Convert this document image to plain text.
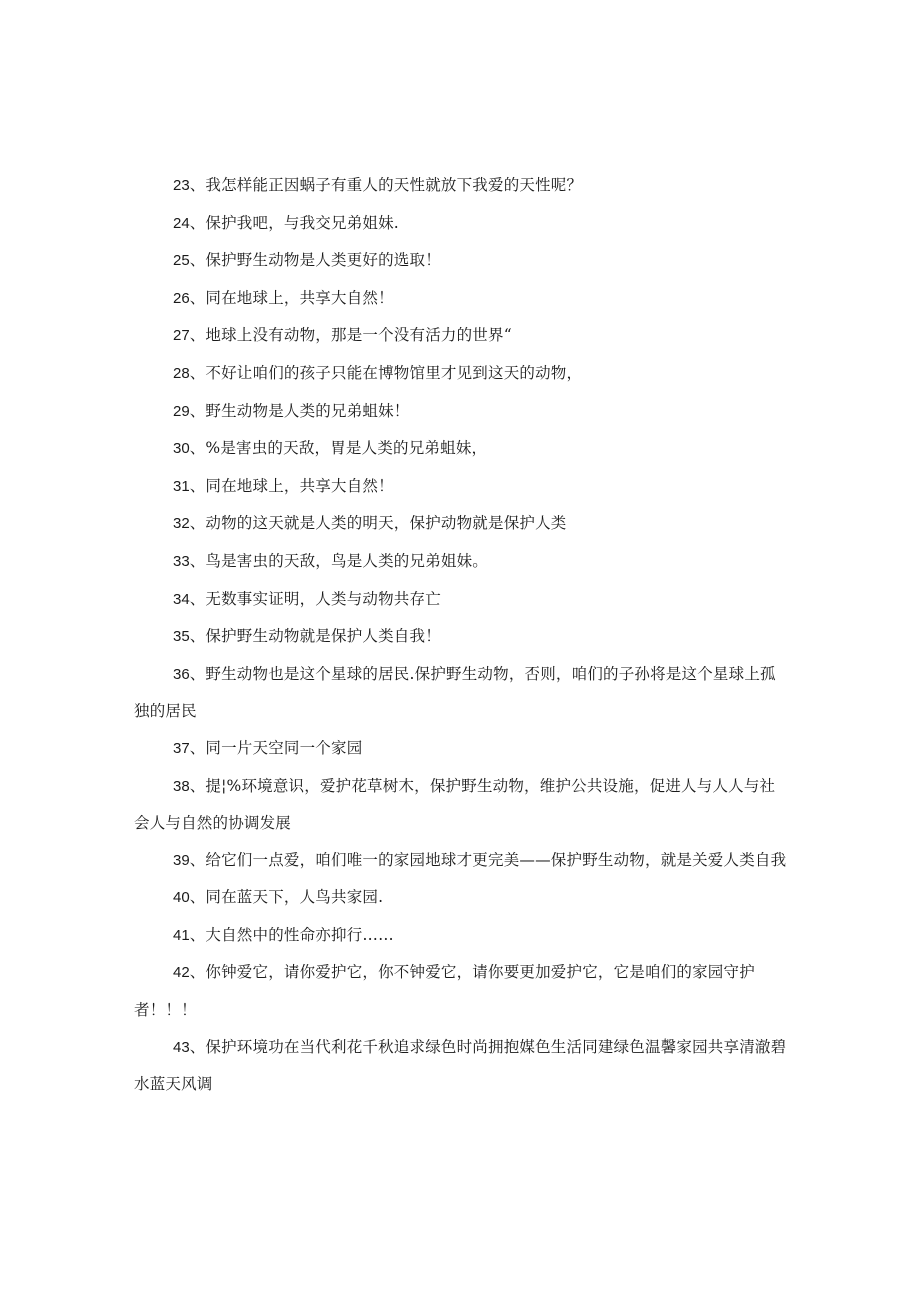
23、我怎样能正因蜗子有重人的天性就放下我爱的天性呢？

24、保护我吧，与我交兄弟姐妹.

25、保护野生动物是人类更好的选取！

26、同在地球上，共享大自然！

27、地球上没有动物，那是一个没有活力的世界“

28、不好让咱们的孩子只能在博物馆里才见到这天的动物，

29、野生动物是人类的兄弟蛆妹！

30、%是害虫的天敌，胃是人类的兄弟蛆妹，

31、同在地球上，共享大自然！

32、动物的这天就是人类的明天，保护动物就是保护人类

33、鸟是害虫的天敌，鸟是人类的兄弟姐妹。

34、无数事实证明，人类与动物共存亡

35、保护野生动物就是保护人类自我！

36、野生动物也是这个星球的居民.保护野生动物，否则，咱们的子孙将是这个星球上孤独的居民

37、同一片天空同一个家园

38、提¦%环境意识，爱护花草树木，保护野生动物，维护公共设施，促进人与人人与社会人与自然的协调发展

39、给它们一点爱，咱们唯一的家园地球才更完美——保护野生动物，就是关爱人类自我

40、同在蓝天下，人鸟共家园.

41、大自然中的性命亦抑行……

42、你钟爱它，请你爱护它，你不钟爱它，请你要更加爱护它，它是咱们的家园守护者！！！

43、保护环境功在当代利花千秋追求绿色时尚拥抱媒色生活同建绿色温馨家园共享清澈碧水蓝天风调
